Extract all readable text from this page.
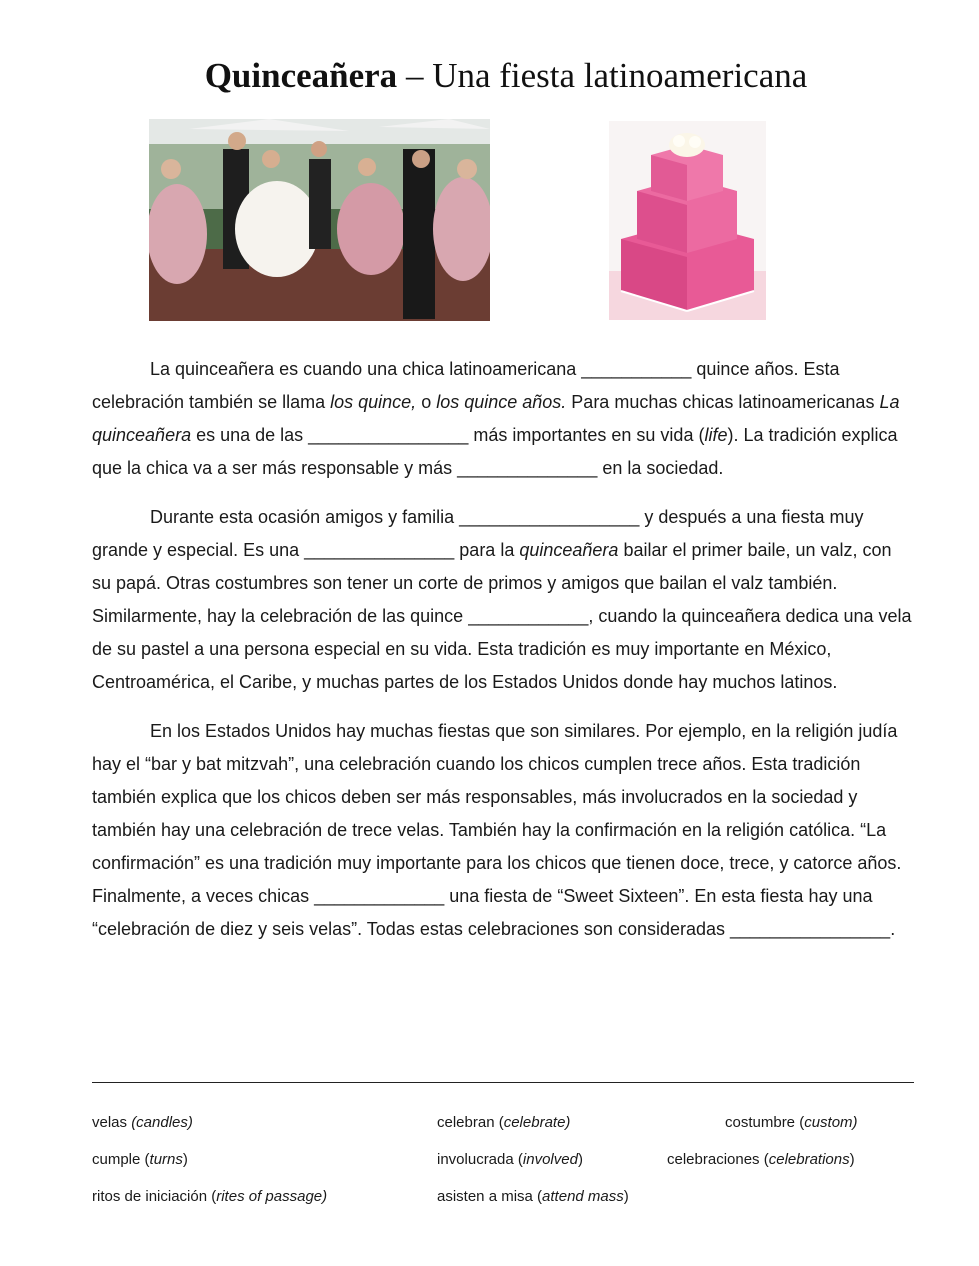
Quinceañera – Una fiesta latinoamericana

La quinceañera es cuando una chica latinoamericana ___________ quince años. Esta celebración también se llama los quince, o los quince años. Para muchas chicas latinoamericanas La quinceañera es una de las ________________ más importantes en su vida (life). La tradición explica que la chica va a ser más responsable y más ______________ en la sociedad.

Durante esta ocasión amigos y familia __________________ y después a una fiesta muy grande y especial. Es una _______________ para la quinceañera bailar el primer baile, un valz, con su papá. Otras costumbres son tener un corte de primos y amigos que bailan el valz también. Similarmente, hay la celebración de las quince ____________, cuando la quinceañera dedica una vela de su pastel a una persona especial en su vida. Esta tradición es muy importante en México, Centroamérica, el Caribe, y muchas partes de los Estados Unidos donde hay muchos latinos.

En los Estados Unidos hay muchas fiestas que son similares. Por ejemplo, en la religión judía hay el “bar y bat mitzvah”, una celebración cuando los chicos cumplen trece años. Esta tradición también explica que los chicos deben ser más responsables, más involucrados en la sociedad y también hay una celebración de trece velas. También hay la confirmación en la religión católica. “La confirmación” es una tradición muy importante para los chicos que tienen doce, trece, y catorce años. Finalmente, a veces chicas _____________ una fiesta de “Sweet Sixteen”. En esta fiesta hay una “celebración de diez y seis velas”. Todas estas celebraciones son consideradas ________________.

velas (candles)	celebran (celebrate)	costumbre (custom)
cumple (turns)	involucrada (involved)	celebraciones (celebrations)
ritos de iniciación (rites of passage)	asisten a misa (attend mass)
